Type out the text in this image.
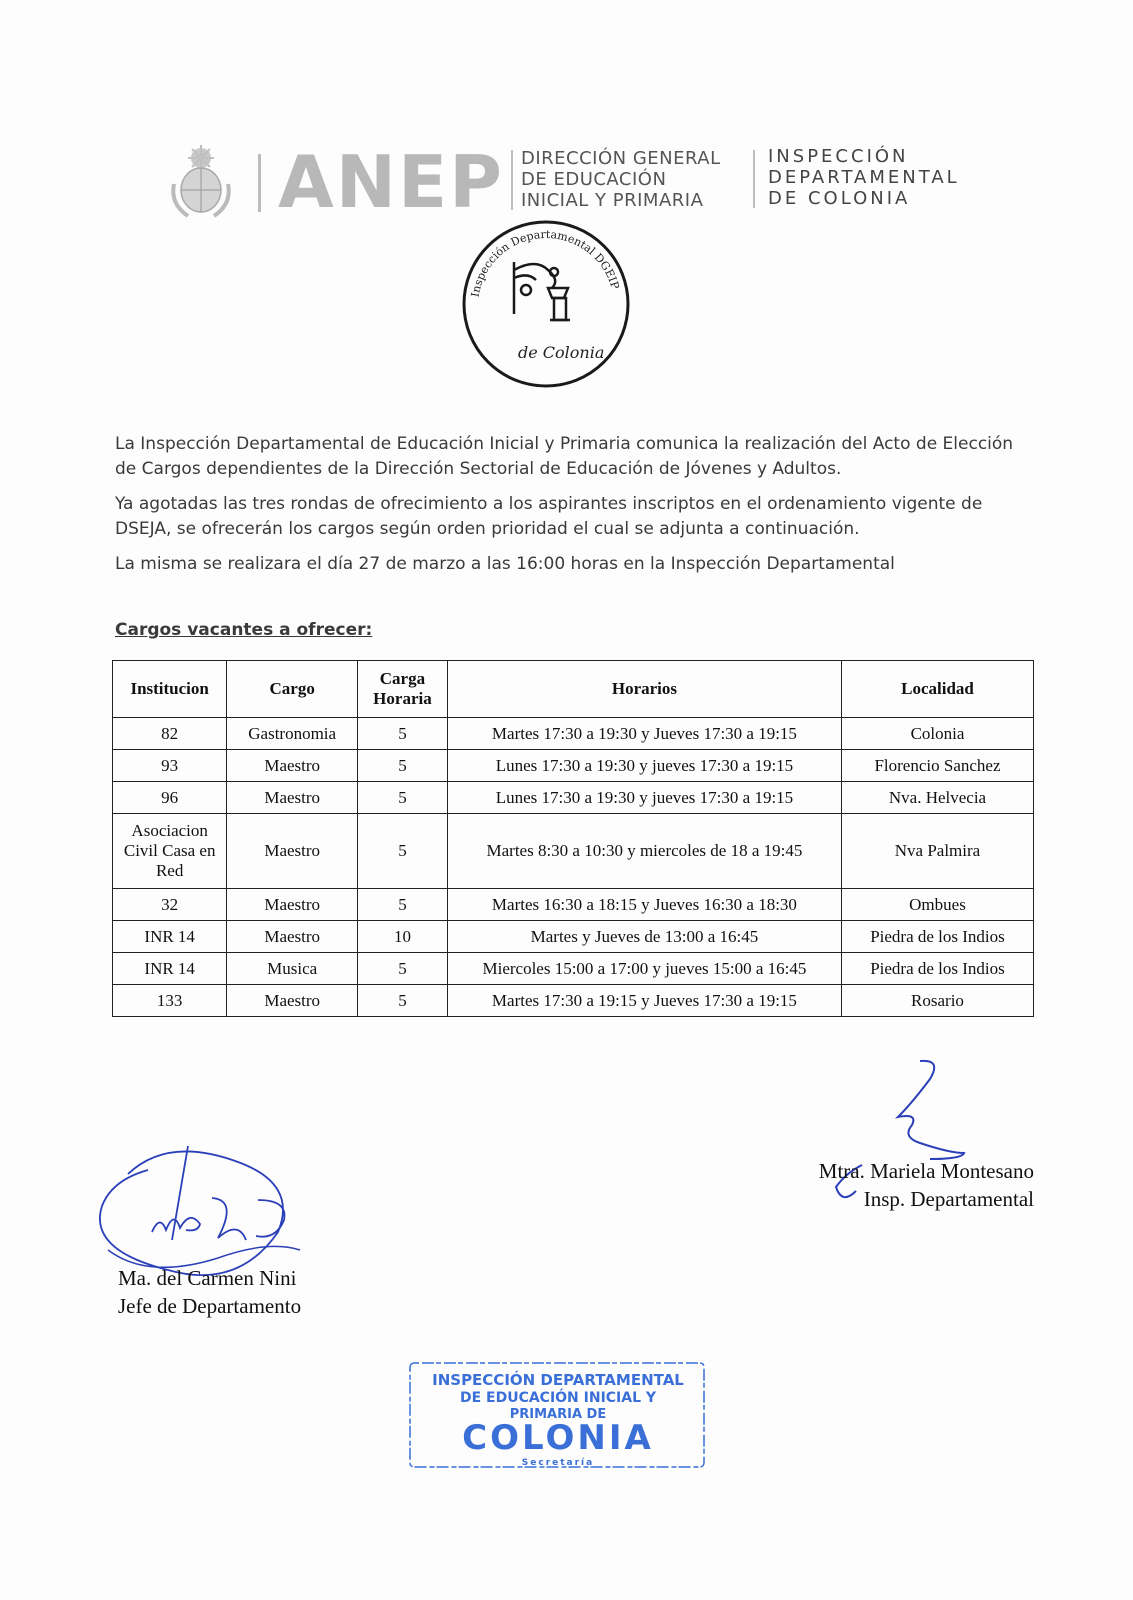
ANEP DIRECCIÓN GENERAL
DE EDUCACIÓN
INICIAL Y PRIMARIA
INSPECCIÓN
DEPARTAMENTAL
DE COLONIA
Inspección Departamental DGEIP
de Colonia

La Inspección Departamental de Educación Inicial y Primaria comunica la realización del Acto de Elección de Cargos dependientes de la Dirección Sectorial de Educación de Jóvenes y Adultos.

Ya agotadas las tres rondas de ofrecimiento a los aspirantes inscriptos en el ordenamiento vigente de DSEJA, se ofrecerán los cargos según orden prioridad el cual se adjunta a continuación.

La misma se realizara el día 27 de marzo a las 16:00 horas en la Inspección Departamental

Cargos vacantes a ofrecer:
Institucion	Cargo	Carga Horaria	Horarios	Localidad
82	Gastronomia	5	Martes 17:30 a 19:30 y Jueves 17:30 a 19:15	Colonia
93	Maestro	5	Lunes 17:30 a 19:30 y jueves 17:30 a 19:15	Florencio Sanchez
96	Maestro	5	Lunes 17:30 a 19:30 y jueves 17:30 a 19:15	Nva. Helvecia
Asociacion Civil Casa en Red	Maestro	5	Martes 8:30 a 10:30 y miercoles de 18 a 19:45	Nva Palmira
32	Maestro	5	Martes 16:30 a 18:15 y Jueves 16:30 a 18:30	Ombues
INR 14	Maestro	10	Martes y Jueves de 13:00 a 16:45	Piedra de los Indios
INR 14	Musica	5	Miercoles 15:00 a 17:00 y jueves 15:00 a 16:45	Piedra de los Indios
133	Maestro	5	Martes 17:30 a 19:15 y Jueves 17:30 a 19:15	Rosario
Mtra. Mariela Montesano
Insp. Departamental
Ma. del Carmen Nini
Jefe de Departamento
INSPECCIÓN DEPARTAMENTAL
DE EDUCACIÓN INICIAL Y
PRIMARIA DE
COLONIA
Secretaría
